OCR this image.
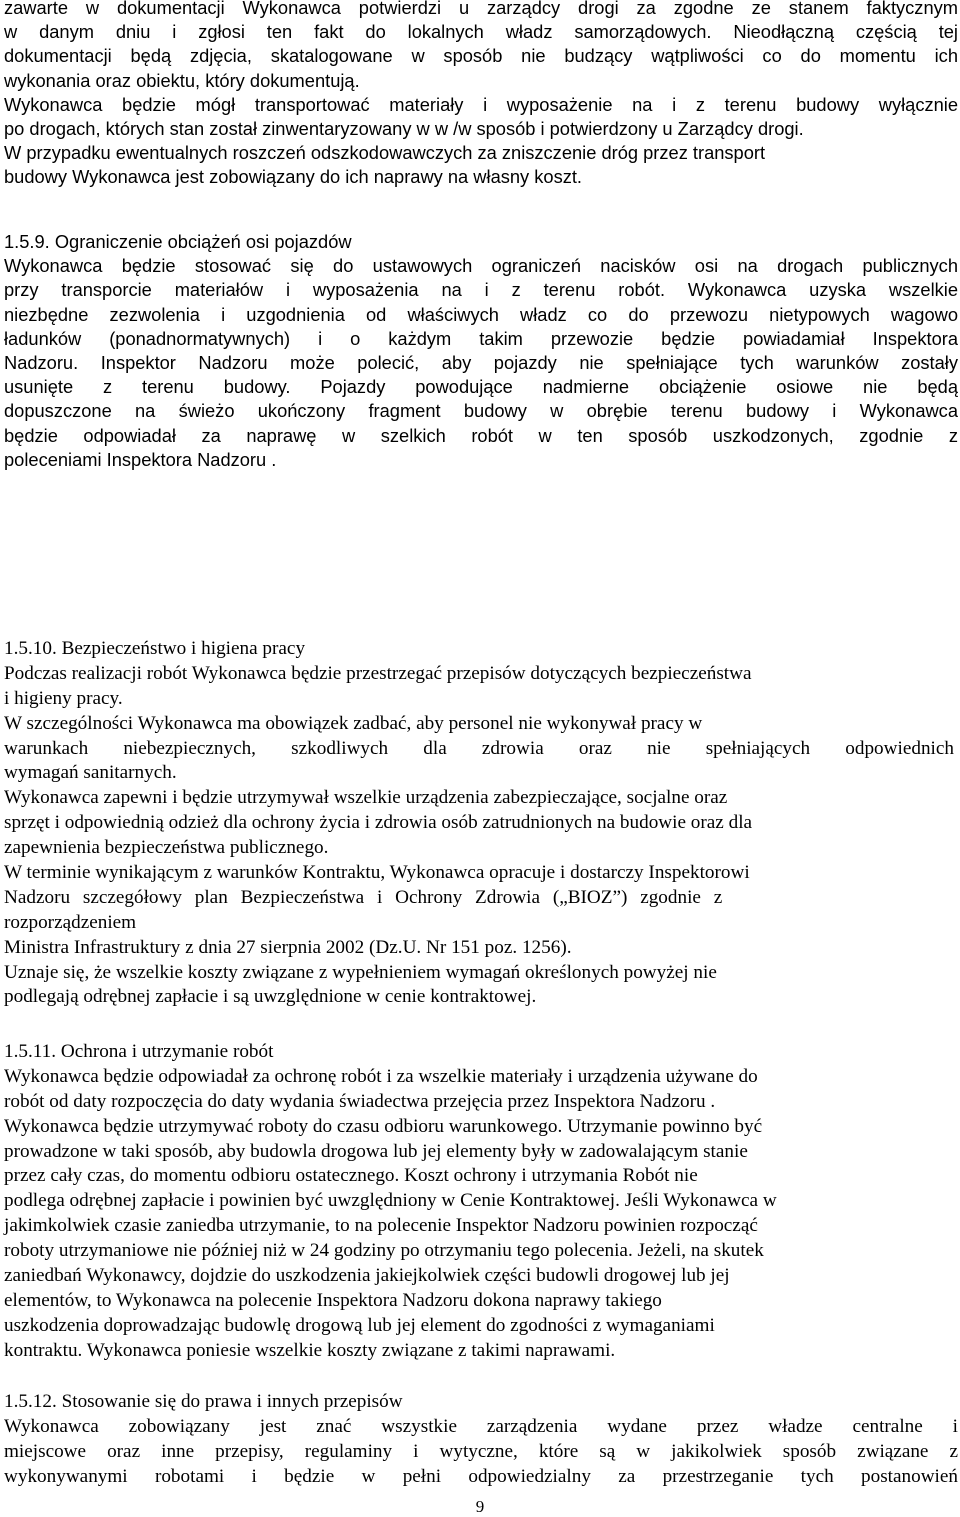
zawarte w dokumentacji Wykonawca potwierdzi u zarządcy drogi za zgodne ze stanem faktycznym
w danym dniu i zgłosi ten fakt do lokalnych władz samorządowych. Nieodłączną częścią tej
dokumentacji będą zdjęcia, skatalogowane w sposób nie budzący wątpliwości co do momentu ich
wykonania oraz obiektu, który dokumentują.
Wykonawca będzie mógł transportować materiały i wyposażenie na i z terenu budowy wyłącznie
po drogach, których stan został zinwentaryzowany w w /w sposób i potwierdzony u Zarządcy drogi.
W przypadku ewentualnych roszczeń odszkodowawczych za zniszczenie dróg przez transport
budowy Wykonawca jest zobowiązany do ich naprawy na własny koszt.
1.5.9. Ograniczenie obciążeń osi pojazdów
Wykonawca będzie stosować się do ustawowych ograniczeń nacisków osi na drogach publicznych
przy transporcie materiałów i wyposażenia na i z terenu robót. Wykonawca uzyska wszelkie
niezbędne zezwolenia i uzgodnienia od właściwych władz co do przewozu nietypowych wagowo
ładunków (ponadnormatywnych) i o każdym takim przewozie będzie powiadamiał Inspektora
Nadzoru. Inspektor Nadzoru może polecić, aby pojazdy nie spełniające tych warunków zostały
usunięte z terenu budowy. Pojazdy powodujące nadmierne obciążenie osiowe nie będą
dopuszczone na świeżo ukończony fragment budowy w obrębie terenu budowy i Wykonawca
będzie odpowiadał za naprawę w szelkich robót w ten sposób uszkodzonych, zgodnie z
poleceniami Inspektora Nadzoru .
1.5.10. Bezpieczeństwo i higiena pracy
Podczas realizacji robót Wykonawca będzie przestrzegać przepisów dotyczących bezpieczeństwa
i higieny pracy.
W szczególności Wykonawca ma obowiązek zadbać, aby personel nie wykonywał pracy w
warunkach niebezpiecznych, szkodliwych dla zdrowia oraz nie spełniających odpowiednich
wymagań sanitarnych.
Wykonawca zapewni i będzie utrzymywał wszelkie urządzenia zabezpieczające, socjalne oraz
sprzęt i odpowiednią odzież dla ochrony życia i zdrowia osób zatrudnionych na budowie oraz dla
zapewnienia bezpieczeństwa publicznego.
W terminie wynikającym z warunków Kontraktu, Wykonawca opracuje i dostarczy Inspektorowi
Nadzoru szczegółowy plan Bezpieczeństwa i Ochrony Zdrowia („BIOZ”) zgodnie z
rozporządzeniem
Ministra Infrastruktury z dnia 27 sierpnia 2002 (Dz.U. Nr 151 poz. 1256).
Uznaje się, że wszelkie koszty związane z wypełnieniem wymagań określonych powyżej nie
podlegają odrębnej zapłacie i są uwzględnione w cenie kontraktowej.
1.5.11. Ochrona i utrzymanie robót
Wykonawca będzie odpowiadał za ochronę robót i za wszelkie materiały i urządzenia używane do
robót od daty rozpoczęcia do daty wydania świadectwa przejęcia przez Inspektora Nadzoru .
Wykonawca będzie utrzymywać roboty do czasu odbioru warunkowego. Utrzymanie powinno być
prowadzone w taki sposób, aby budowla drogowa lub jej elementy były w zadowalającym stanie
przez cały czas, do momentu odbioru ostatecznego. Koszt ochrony i utrzymania Robót nie
podlega odrębnej zapłacie i powinien być uwzględniony w Cenie Kontraktowej. Jeśli Wykonawca w
jakimkolwiek czasie zaniedba utrzymanie, to na polecenie Inspektor Nadzoru powinien rozpocząć
roboty utrzymaniowe nie później niż w 24 godziny po otrzymaniu tego polecenia. Jeżeli, na skutek
zaniedbań Wykonawcy, dojdzie do uszkodzenia jakiejkolwiek części budowli drogowej lub jej
elementów, to Wykonawca na polecenie Inspektora Nadzoru dokona naprawy takiego
uszkodzenia doprowadzając budowlę drogową lub jej element do zgodności z wymaganiami
kontraktu. Wykonawca poniesie wszelkie koszty związane z takimi naprawami.
1.5.12. Stosowanie się do prawa i innych przepisów
Wykonawca zobowiązany jest znać wszystkie zarządzenia wydane przez władze centralne i
miejscowe oraz inne przepisy, regulaminy i wytyczne, które są w jakikolwiek sposób związane z
wykonywanymi robotami i będzie w pełni odpowiedzialny za przestrzeganie tych postanowień
9
